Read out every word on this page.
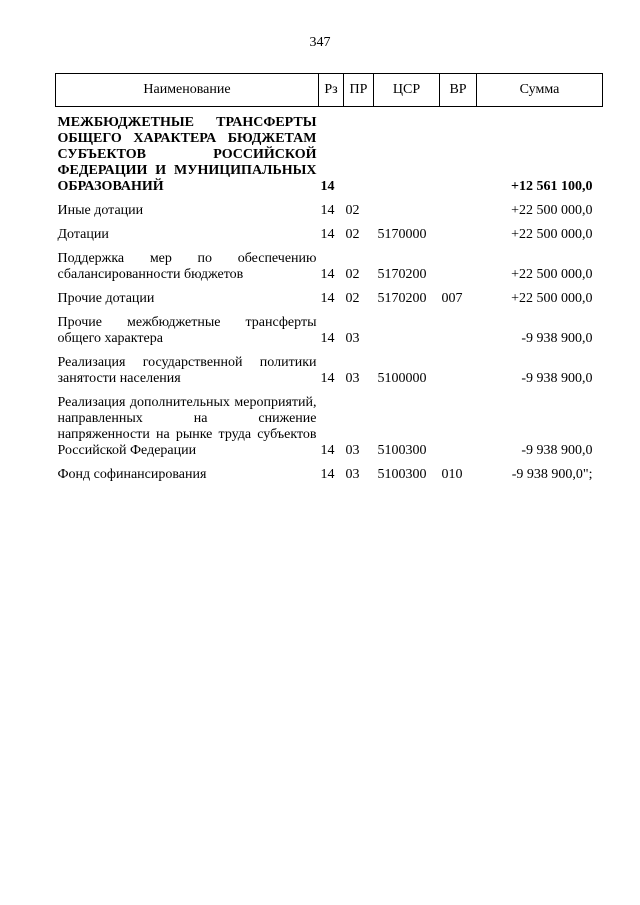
347
Наименование	Рз	ПР	ЦСР	ВР	Сумма
МЕЖБЮДЖЕТНЫЕ ТРАНСФЕРТЫ ОБЩЕГО ХАРАКТЕРА БЮДЖЕТАМ СУБЪЕКТОВ РОССИЙСКОЙ ФЕДЕРАЦИИ И МУНИЦИПАЛЬНЫХ ОБРАЗОВАНИЙ	14				+12 561 100,0
Иные дотации	14	02			+22 500 000,0
Дотации	14	02	5170000		+22 500 000,0
Поддержка мер по обеспечению сбалансированности бюджетов	14	02	5170200		+22 500 000,0
Прочие дотации	14	02	5170200	007	+22 500 000,0
Прочие межбюджетные трансферты общего характера	14	03			-9 938 900,0
Реализация государственной политики занятости населения	14	03	5100000		-9 938 900,0
Реализация дополнительных мероприятий, направленных на снижение напряженности на рынке труда субъектов Российской Федерации	14	03	5100300		-9 938 900,0
Фонд софинансирования	14	03	5100300	010	-9 938 900,0";
